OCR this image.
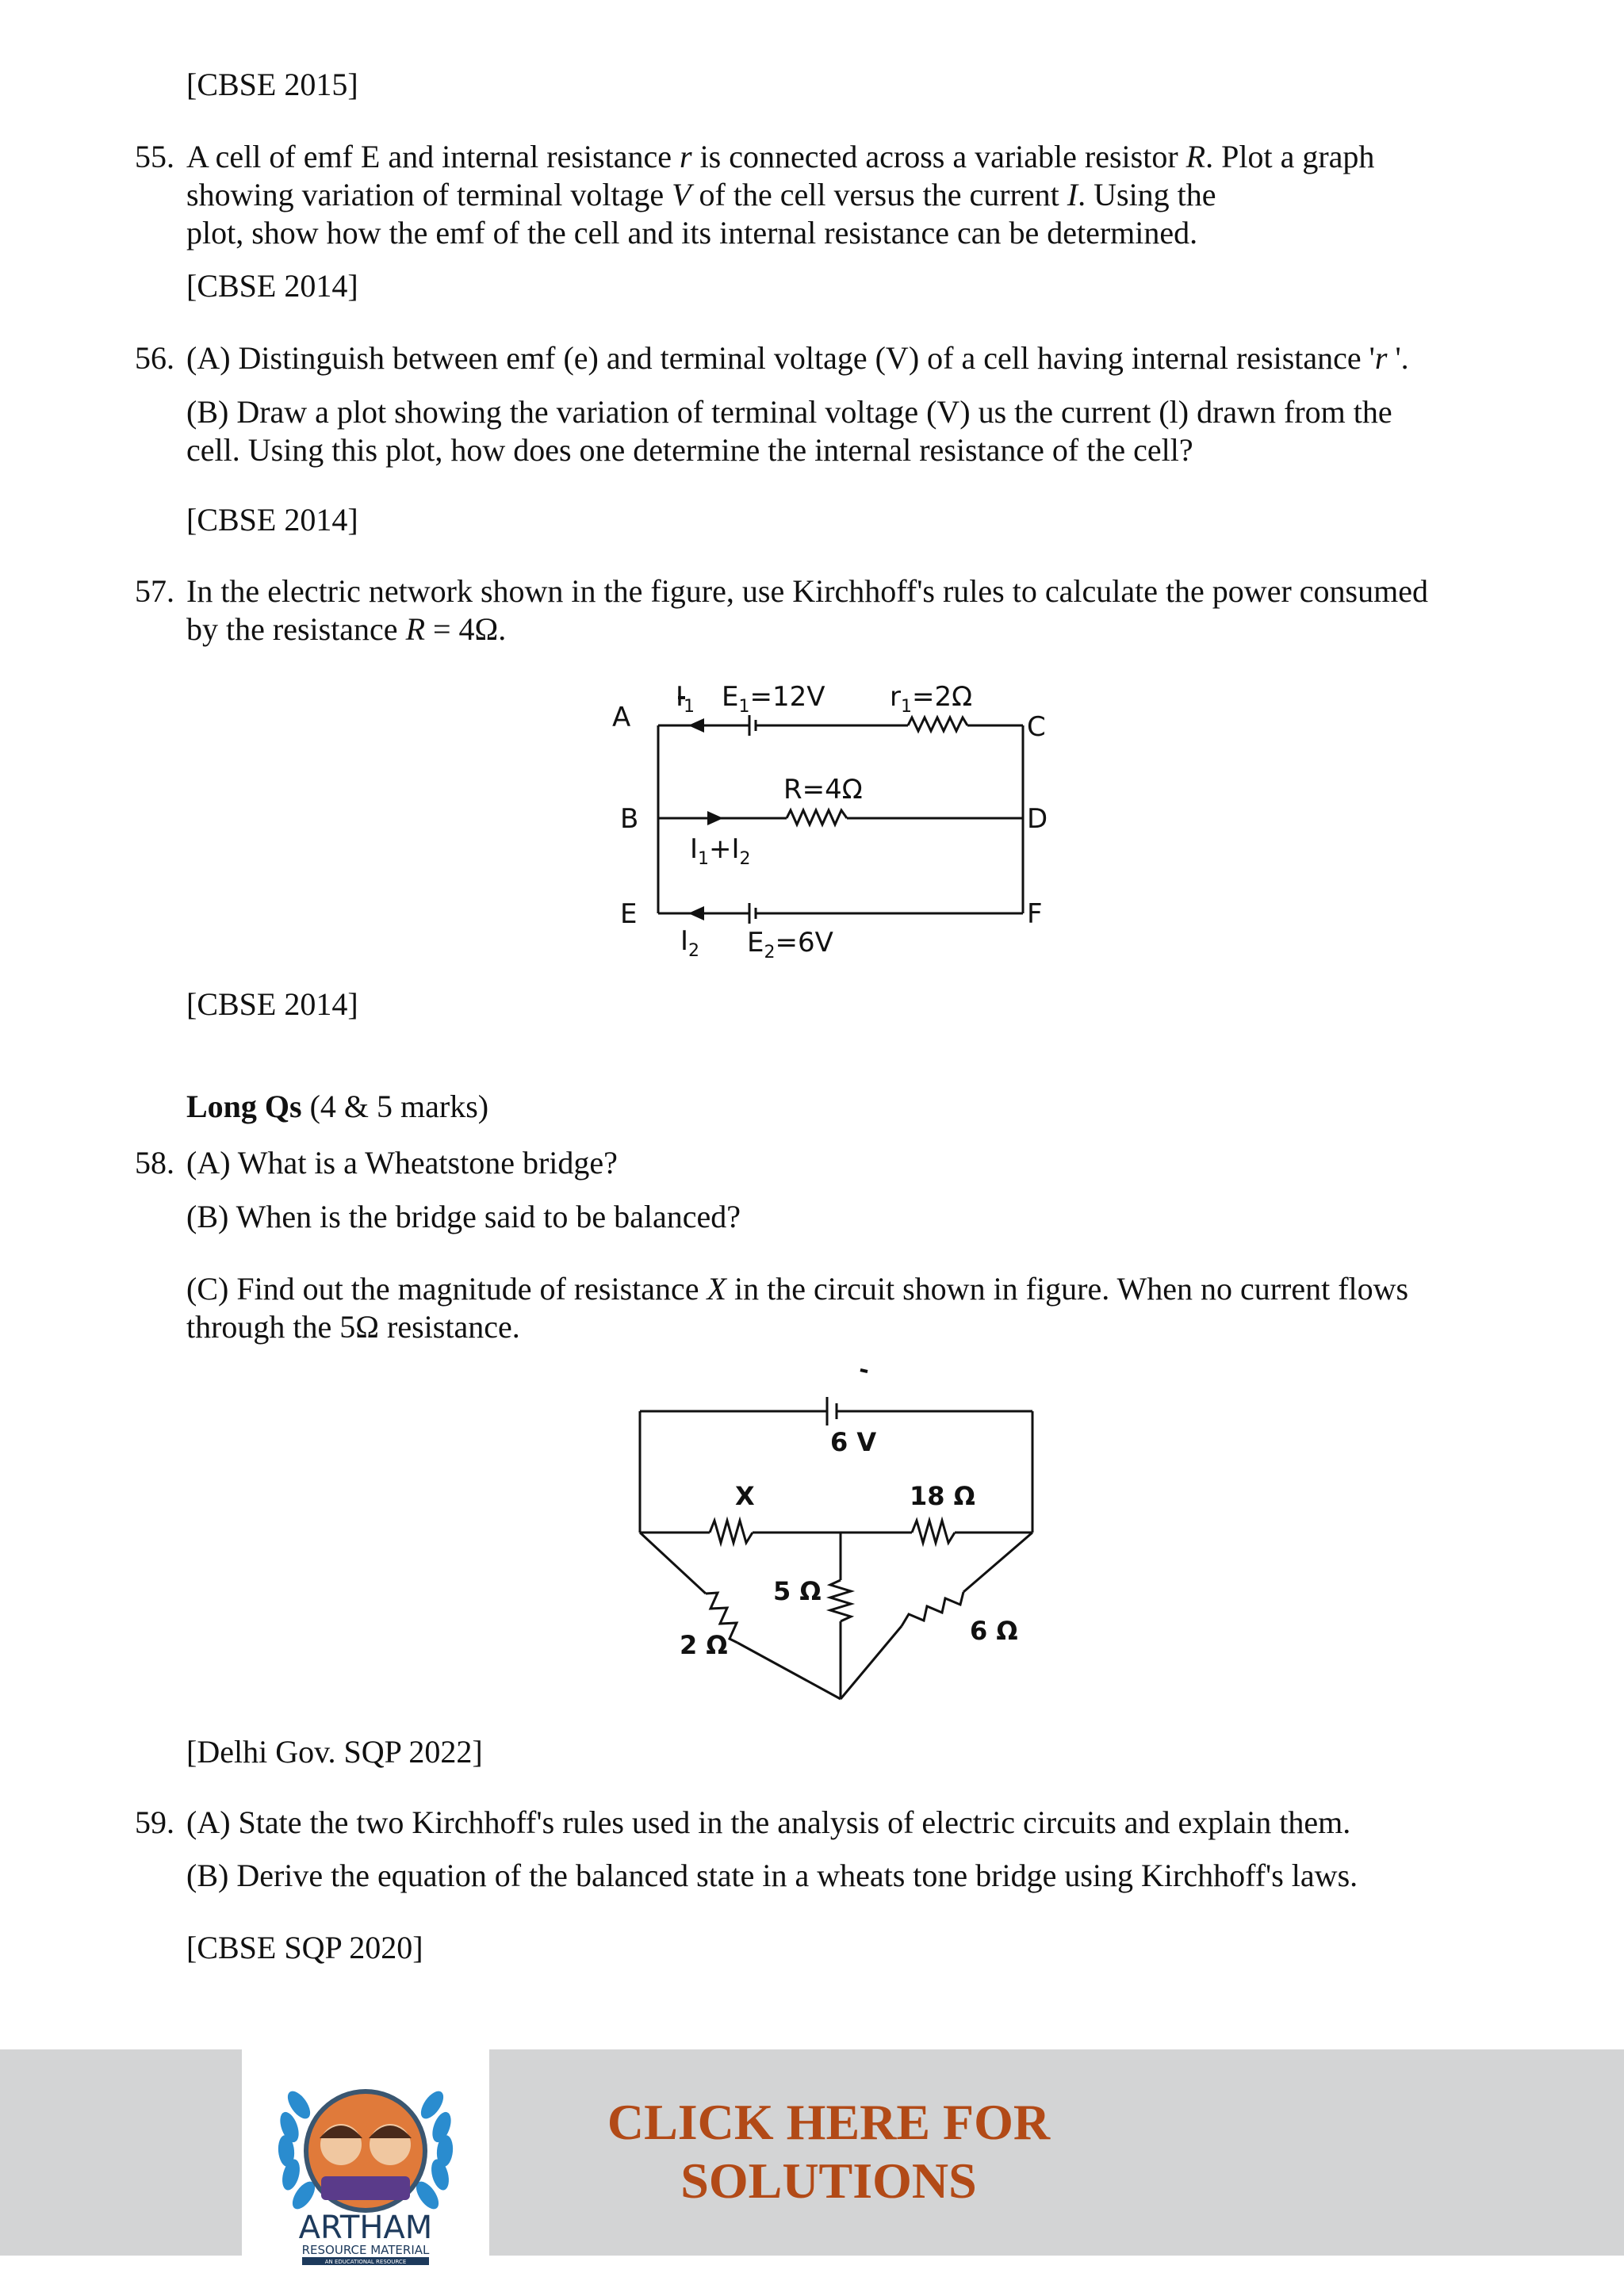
[CBSE 2015]
55. A cell of emf E and internal resistance r is connected across a variable resistor R. Plot a graph
showing variation of terminal voltage V of the cell versus the current I. Using the
plot, show how the emf of the cell and its internal resistance can be determined.
[CBSE 2014]
56. (A) Distinguish between emf (e) and terminal voltage (V) of a cell having internal resistance 'r '.
(B) Draw a plot showing the variation of terminal voltage (V) us the current (l) drawn from the
cell. Using this plot, how does one determine the internal resistance of the cell?
[CBSE 2014]
57. In the electric network shown in the figure, use Kirchhoff's rules to calculate the power consumed
by the resistance R = 4Ω.
$I_1$ $E_1=12V$ $r_1=2\Omega$
A	C
B	D
E	F
R=4Ω
$I_1+I_2$
$I_2$ $E_2=6V$
[CBSE 2014]
Long Qs (4 & 5 marks)
58. (A) What is a Wheatstone bridge?
(B) When is the bridge said to be balanced?
(C) Find out the magnitude of resistance X in the circuit shown in figure. When no current flows
through the 5Ω resistance.
6 V
X	18 Ω
5 Ω
2 Ω	6 Ω
[Delhi Gov. SQP 2022]
59. (A) State the two Kirchhoff's rules used in the analysis of electric circuits and explain them.
(B) Derive the equation of the balanced state in a wheats tone bridge using Kirchhoff's laws.
[CBSE SQP 2020]
ARTHAM
RESOURCE MATERIAL
AN EDUCATIONAL RESOURCE
CLICK HERE FOR
SOLUTIONS
